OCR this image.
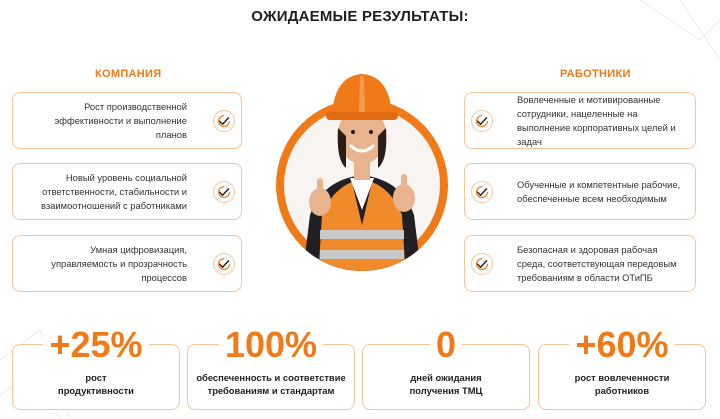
ОЖИДАЕМЫЕ РЕЗУЛЬТАТЫ:
КОМПАНИЯ	РАБОТНИКИ
Рост производственной эффективности и выполнение планов
Новый уровень социальной ответственности, стабильности и взаимоотношений с работниками
Умная цифровизация, управляемость и прозрачность процессов
Вовлеченные и мотивированные сотрудники, нацеленные на выполнение корпоративных целей и задач
Обученные и компетентные рабочие, обеспеченные всем необходимым
Безопасная и здоровая рабочая среда, соответствующая передовым требованиям в области ОТиПБ
+25%
рост продуктивности
100%
обеспеченность и соответствие требованиям и стандартам
0
дней ожидания получения ТМЦ
+60%
рост вовлеченности работников
